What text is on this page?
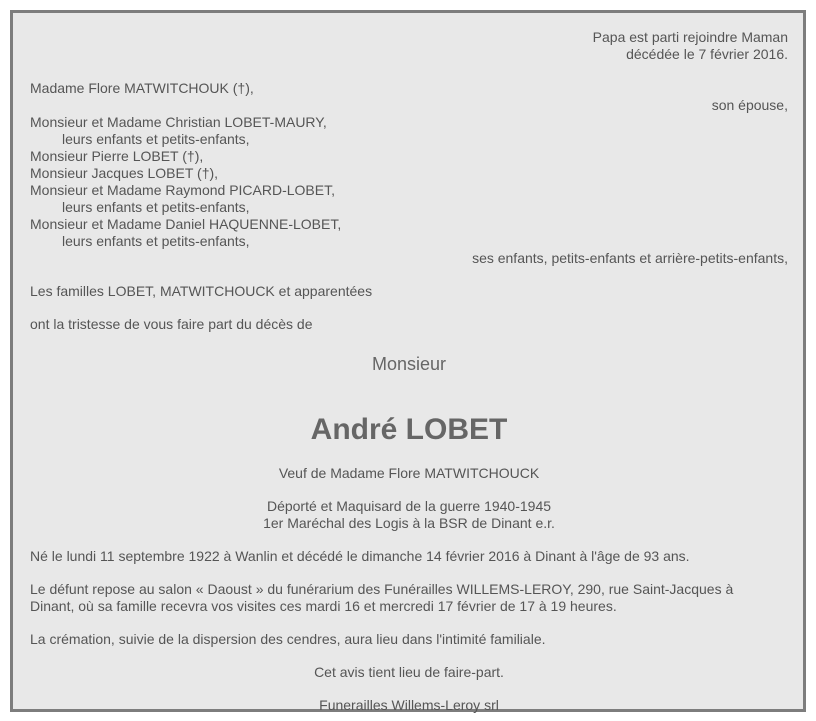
Papa est parti rejoindre Maman

décédée le 7 février 2016.

Madame Flore MATWITCHOUK (†),

son épouse,

Monsieur et Madame Christian LOBET-MAURY,

leurs enfants et petits-enfants,

Monsieur Pierre LOBET (†),

Monsieur Jacques LOBET (†),

Monsieur et Madame Raymond PICARD-LOBET,

leurs enfants et petits-enfants,

Monsieur et Madame Daniel HAQUENNE-LOBET,

leurs enfants et petits-enfants,

ses enfants, petits-enfants et arrière-petits-enfants,

Les familles LOBET, MATWITCHOUCK et apparentées

ont la tristesse de vous faire part du décès de

Monsieur

André LOBET

Veuf de Madame Flore MATWITCHOUCK

Déporté et Maquisard de la guerre 1940-1945

1er Maréchal des Logis à la BSR de Dinant e.r.

Né le lundi 11 septembre 1922 à Wanlin et décédé le dimanche 14 février 2016 à Dinant à l'âge de 93 ans.

Le défunt repose au salon « Daoust » du funérarium des Funérailles WILLEMS-LEROY, 290, rue Saint-Jacques à

Dinant, où sa famille recevra vos visites ces mardi 16 et mercredi 17 février de 17 à 19 heures.

La crémation, suivie de la dispersion des cendres, aura lieu dans l'intimité familiale.

Cet avis tient lieu de faire-part.

Funerailles Willems-Leroy srl
